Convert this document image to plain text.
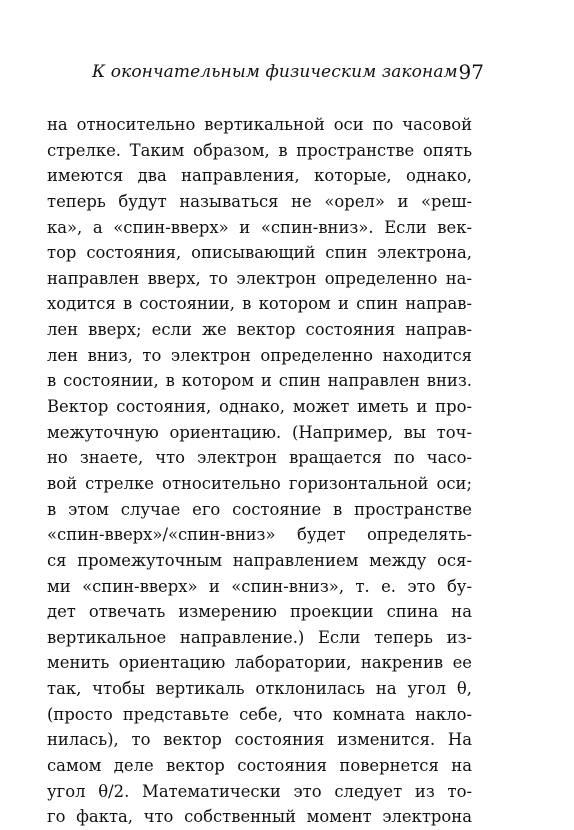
К окончательным физическим законам 97
на относительно вертикальной оси по часовой
стрелке. Таким образом, в пространстве опять
имеются два направления, которые, однако,
теперь будут называться не «орел» и «реш-
ка», а «спин-вверх» и «спин-вниз». Если век-
тор состояния, описывающий спин электрона,
направлен вверх, то электрон определенно на-
ходится в состоянии, в котором и спин направ-
лен вверх; если же вектор состояния направ-
лен вниз, то электрон определенно находится
в состоянии, в котором и спин направлен вниз.
Вектор состояния, однако, может иметь и про-
межуточную ориентацию. (Например, вы точ-
но знаете, что электрон вращается по часо-
вой стрелке относительно горизонтальной оси;
в этом случае его состояние в пространстве
«спин-вверх»/«спин-вниз» будет определять-
ся промежуточным направлением между ося-
ми «спин-вверх» и «спин-вниз», т. е. это бу-
дет отвечать измерению проекции спина на
вертикальное направление.) Если теперь из-
менить ориентацию лаборатории, накренив ее
так, чтобы вертикаль отклонилась на угол θ,
(просто представьте себе, что комната накло-
нилась), то вектор состояния изменится. На
самом деле вектор состояния повернется на
угол θ/2. Математически это следует из то-
го факта, что собственный момент электрона
